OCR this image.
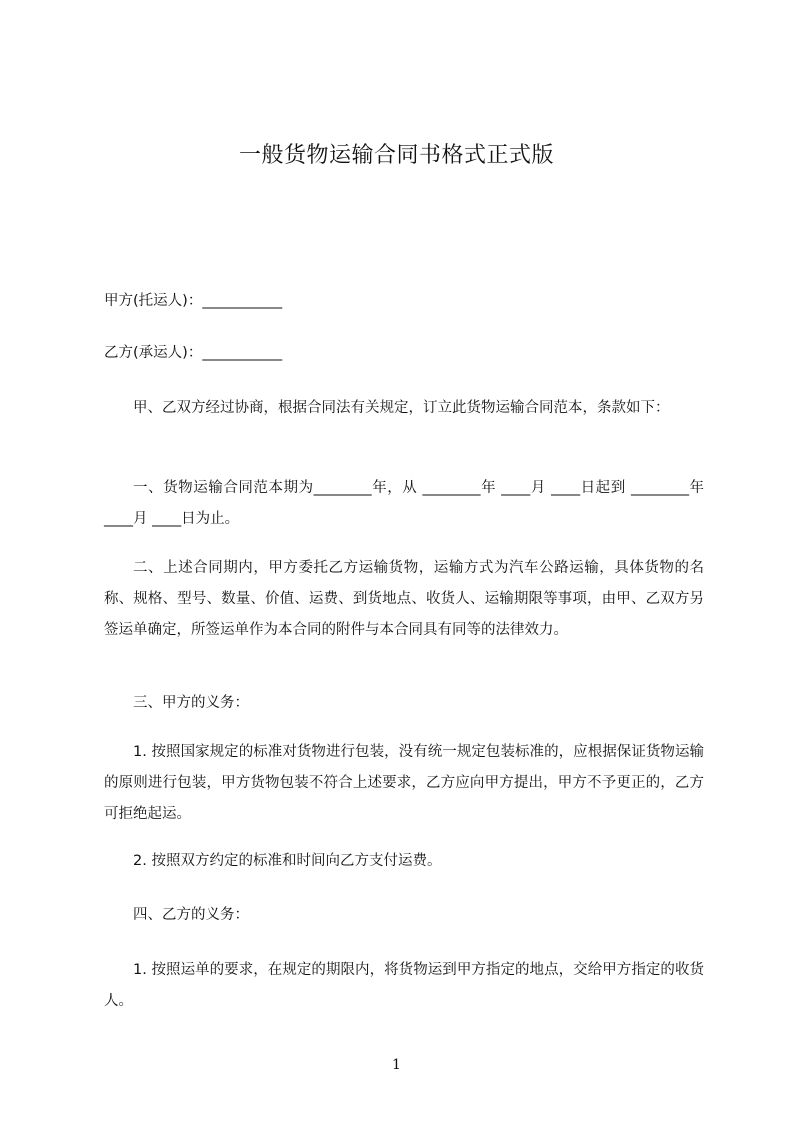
一般货物运输合同书格式正式版
甲方(托运人)：___________
乙方(承运人)：___________
甲、乙双方经过协商，根据合同法有关规定，订立此货物运输合同范本，条款如下：
一、货物运输合同范本期为________年，从 ________年 ____月 ____日起到 ________年 ____月 ____日为止。
二、上述合同期内，甲方委托乙方运输货物，运输方式为汽车公路运输，具体货物的名称、规格、型号、数量、价值、运费、到货地点、收货人、运输期限等事项，由甲、乙双方另签运单确定，所签运单作为本合同的附件与本合同具有同等的法律效力。
三、甲方的义务：
1. 按照国家规定的标准对货物进行包装，没有统一规定包装标准的，应根据保证货物运输的原则进行包装，甲方货物包装不符合上述要求，乙方应向甲方提出，甲方不予更正的，乙方可拒绝起运。
2. 按照双方约定的标准和时间向乙方支付运费。
四、乙方的义务：
1. 按照运单的要求，在规定的期限内，将货物运到甲方指定的地点，交给甲方指定的收货人。
1
